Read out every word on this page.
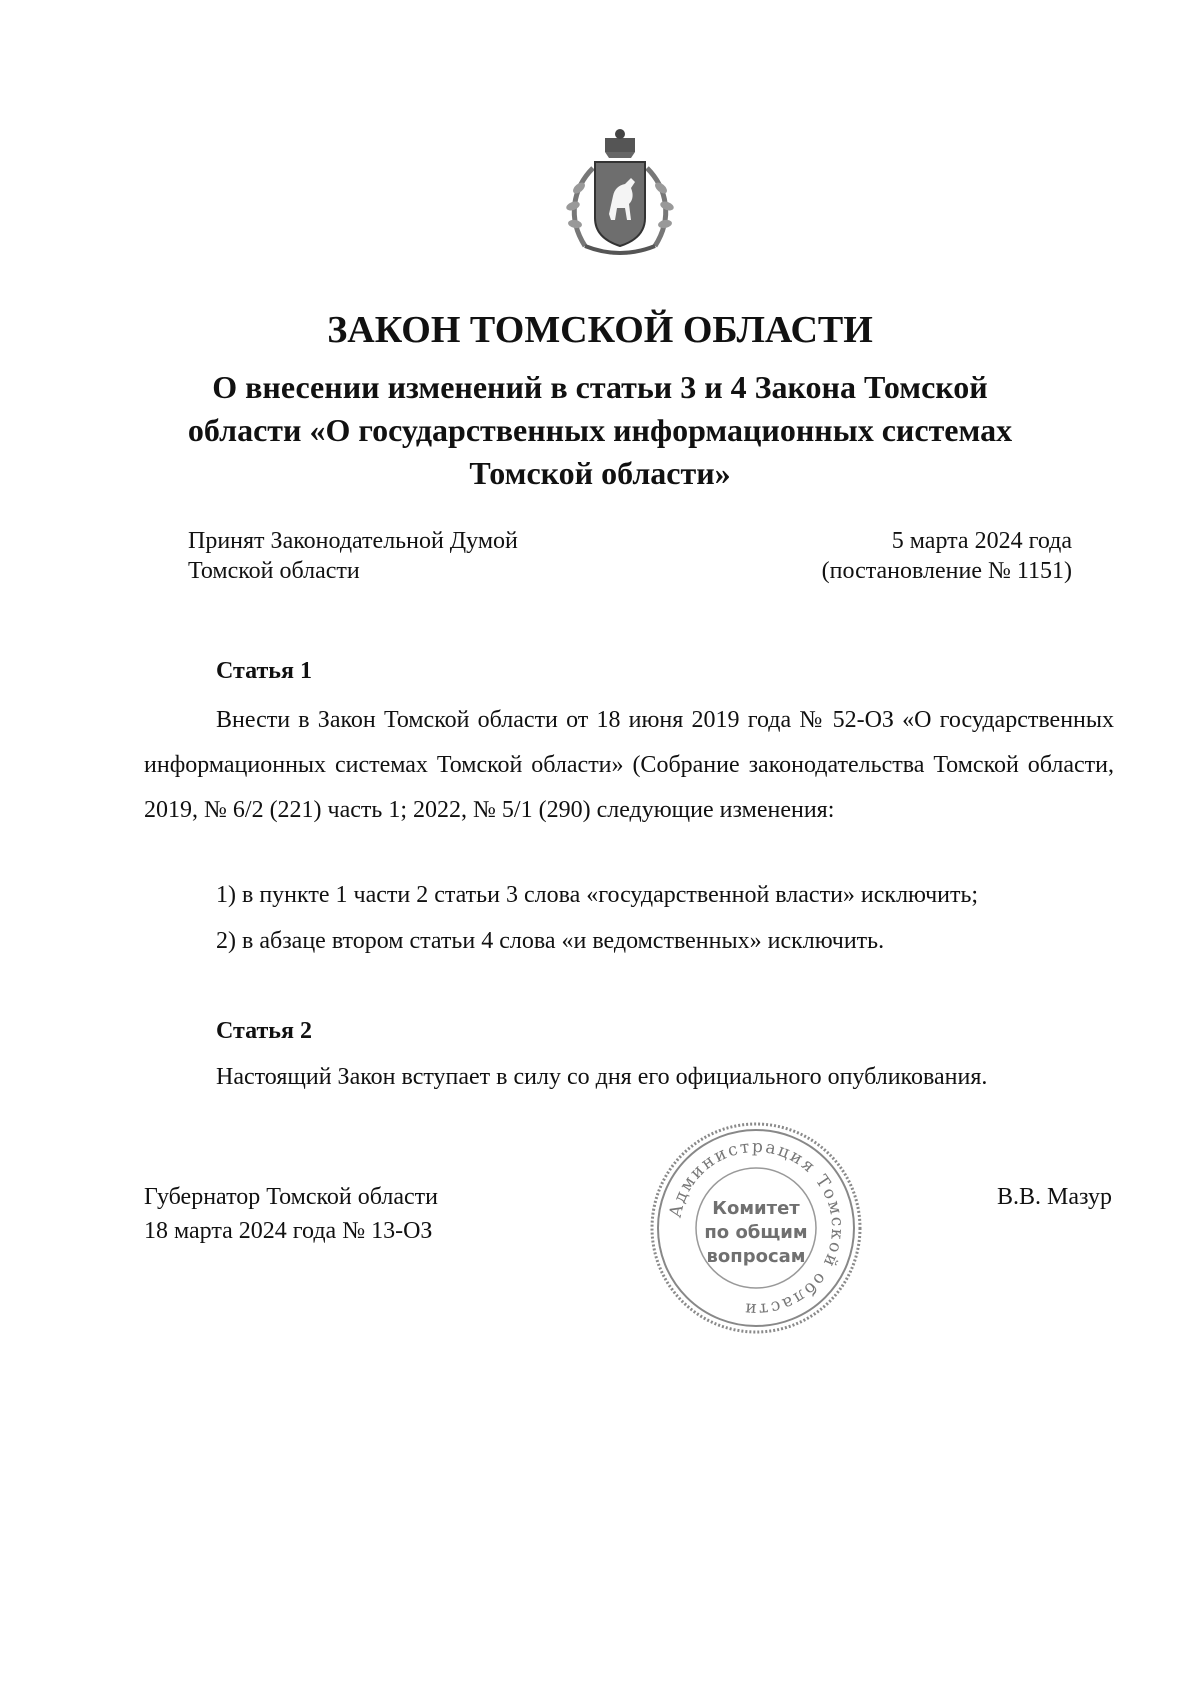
ЗАКОН ТОМСКОЙ ОБЛАСТИ
О внесении изменений в статьи 3 и 4 Закона Томской
области «О государственных информационных системах
Томской области»
Принят Законодательной Думой
Томской области
5 марта 2024 года
(постановление № 1151)
Статья 1
Внести в Закон Томской области от 18 июня 2019 года № 52-ОЗ «О государственных информационных системах Томской области» (Собрание законодательства Томской области, 2019, № 6/2 (221) часть 1; 2022, № 5/1 (290) следующие изменения:
1) в пункте 1 части 2 статьи 3 слова «государственной власти» исключить;
2) в абзаце втором статьи 4 слова «и ведомственных» исключить.
Статья 2
Настоящий Закон вступает в силу со дня его официального опубликования.
Губернатор Томской области
18 марта 2024 года № 13-ОЗ
В.В. Мазур
Администрация Томской области
Комитет
по общим
вопросам
